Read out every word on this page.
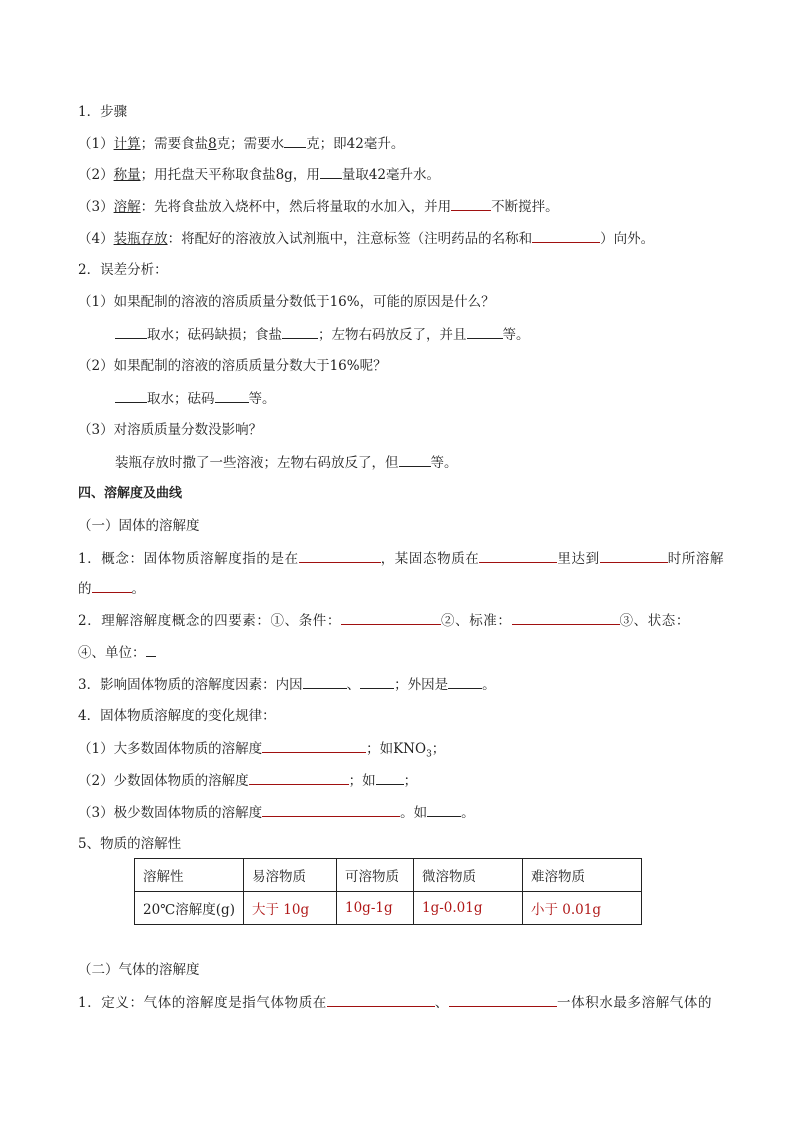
1．步骤
（1）计算；需要食盐8克；需要水 克；即42毫升。
（2）称量；用托盘天平称取食盐8g，用 量取42毫升水。
（3）溶解：先将食盐放入烧杯中，然后将量取的水加入，并用	不断搅拌。
（4）装瓶存放：将配好的溶液放入试剂瓶中，注意标签（注明药品的名称和	）向外。
2．误差分析：
（1）如果配制的溶液的溶质质量分数低于16%，可能的原因是什么？
取水；砝码缺损；食盐	；左物右码放反了，并且	等。
（2）如果配制的溶液的溶质质量分数大于16%呢？
取水；砝码	等。
（3）对溶质质量分数没影响？
装瓶存放时撒了一些溶液；左物右码放反了，但 等。
四、溶解度及曲线
（一）固体的溶解度
1．概念：固体物质溶解度指的是在	，某固态物质在	里达到	时所溶解
的	。
2．理解溶解度概念的四要素：①、条件：	②、标准：	③、状态：
④、单位：
3．影响固体物质的溶解度因素：内因	、	；外因是	。
4．固体物质溶解度的变化规律：
（1）大多数固体物质的溶解度	；如$KNO_3$；
（2）少数固体物质的溶解度	；如 ；
（3）极少数固体物质的溶解度	。如	。
5、物质的溶解性
溶解性	易溶物质	可溶物质	微溶物质	难溶物质
20℃溶解度(g)	大于 10g	10g-1g	1g-0.01g	小于 0.01g
（二）气体的溶解度
1．定义：气体的溶解度是指气体物质在	、	一体积水最多溶解气体的
